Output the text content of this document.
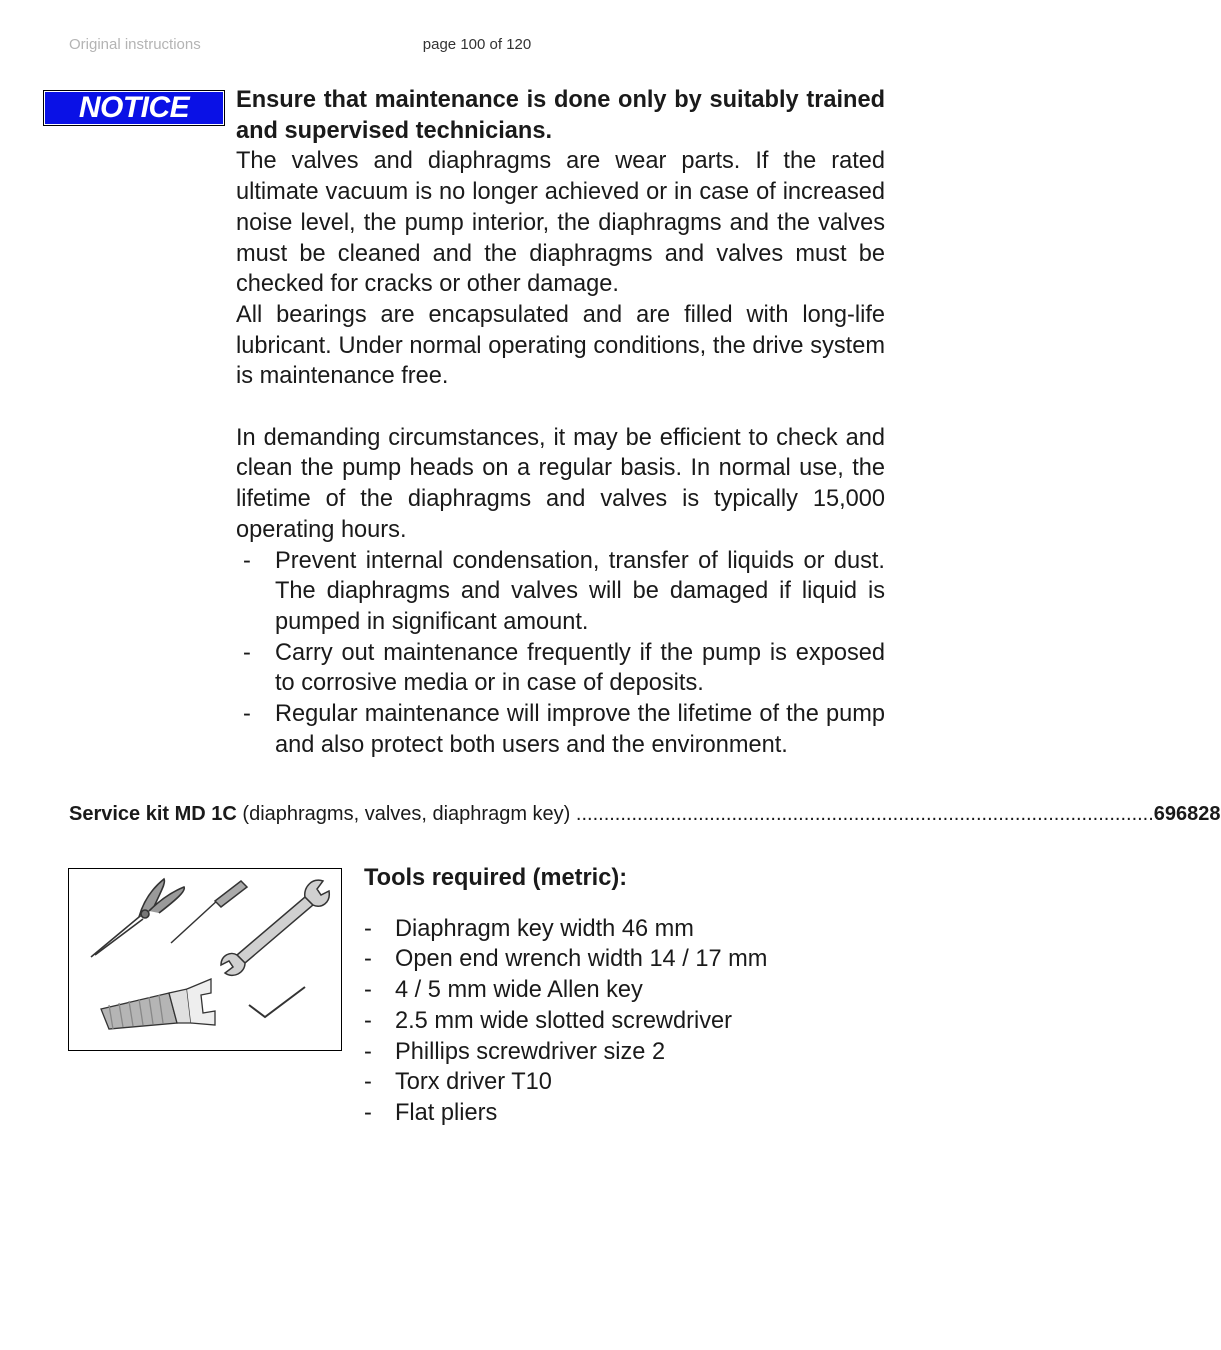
Original instructions	page 100 of 120
NOTICE	Ensure that maintenance is done only by suitably trained and supervised technicians.

The valves and diaphragms are wear parts. If the rated ultimate vacuum is no longer achieved or in case of increased noise level, the pump interior, the diaphragms and the valves must be cleaned and the diaphragms and valves must be checked for cracks or other damage.

All bearings are encapsulated and are filled with long-life lubricant. Under normal operating conditions, the drive system is maintenance free.

In demanding circumstances, it may be efficient to check and clean the pump heads on a regular basis. In normal use, the lifetime of the diaphragms and valves is typically 15,000 operating hours.

- Prevent internal condensation, transfer of liquids or dust. The diaphragms and valves will be damaged if liquid is pumped in significant amount.
- Carry out maintenance frequently if the pump is exposed to corrosive media or in case of deposits.
- Regular maintenance will improve the lifetime of the pump and also protect both users and the environment.
Service kit MD 1C (diaphragms, valves, diaphragm key) ........................................................................................................ 696828
Tools required (metric):
- Diaphragm key width 46 mm
- Open end wrench width 14 / 17 mm
- 4 / 5 mm wide Allen key
- 2.5 mm wide slotted screwdriver
- Phillips screwdriver size 2
- Torx driver T10
- Flat pliers
